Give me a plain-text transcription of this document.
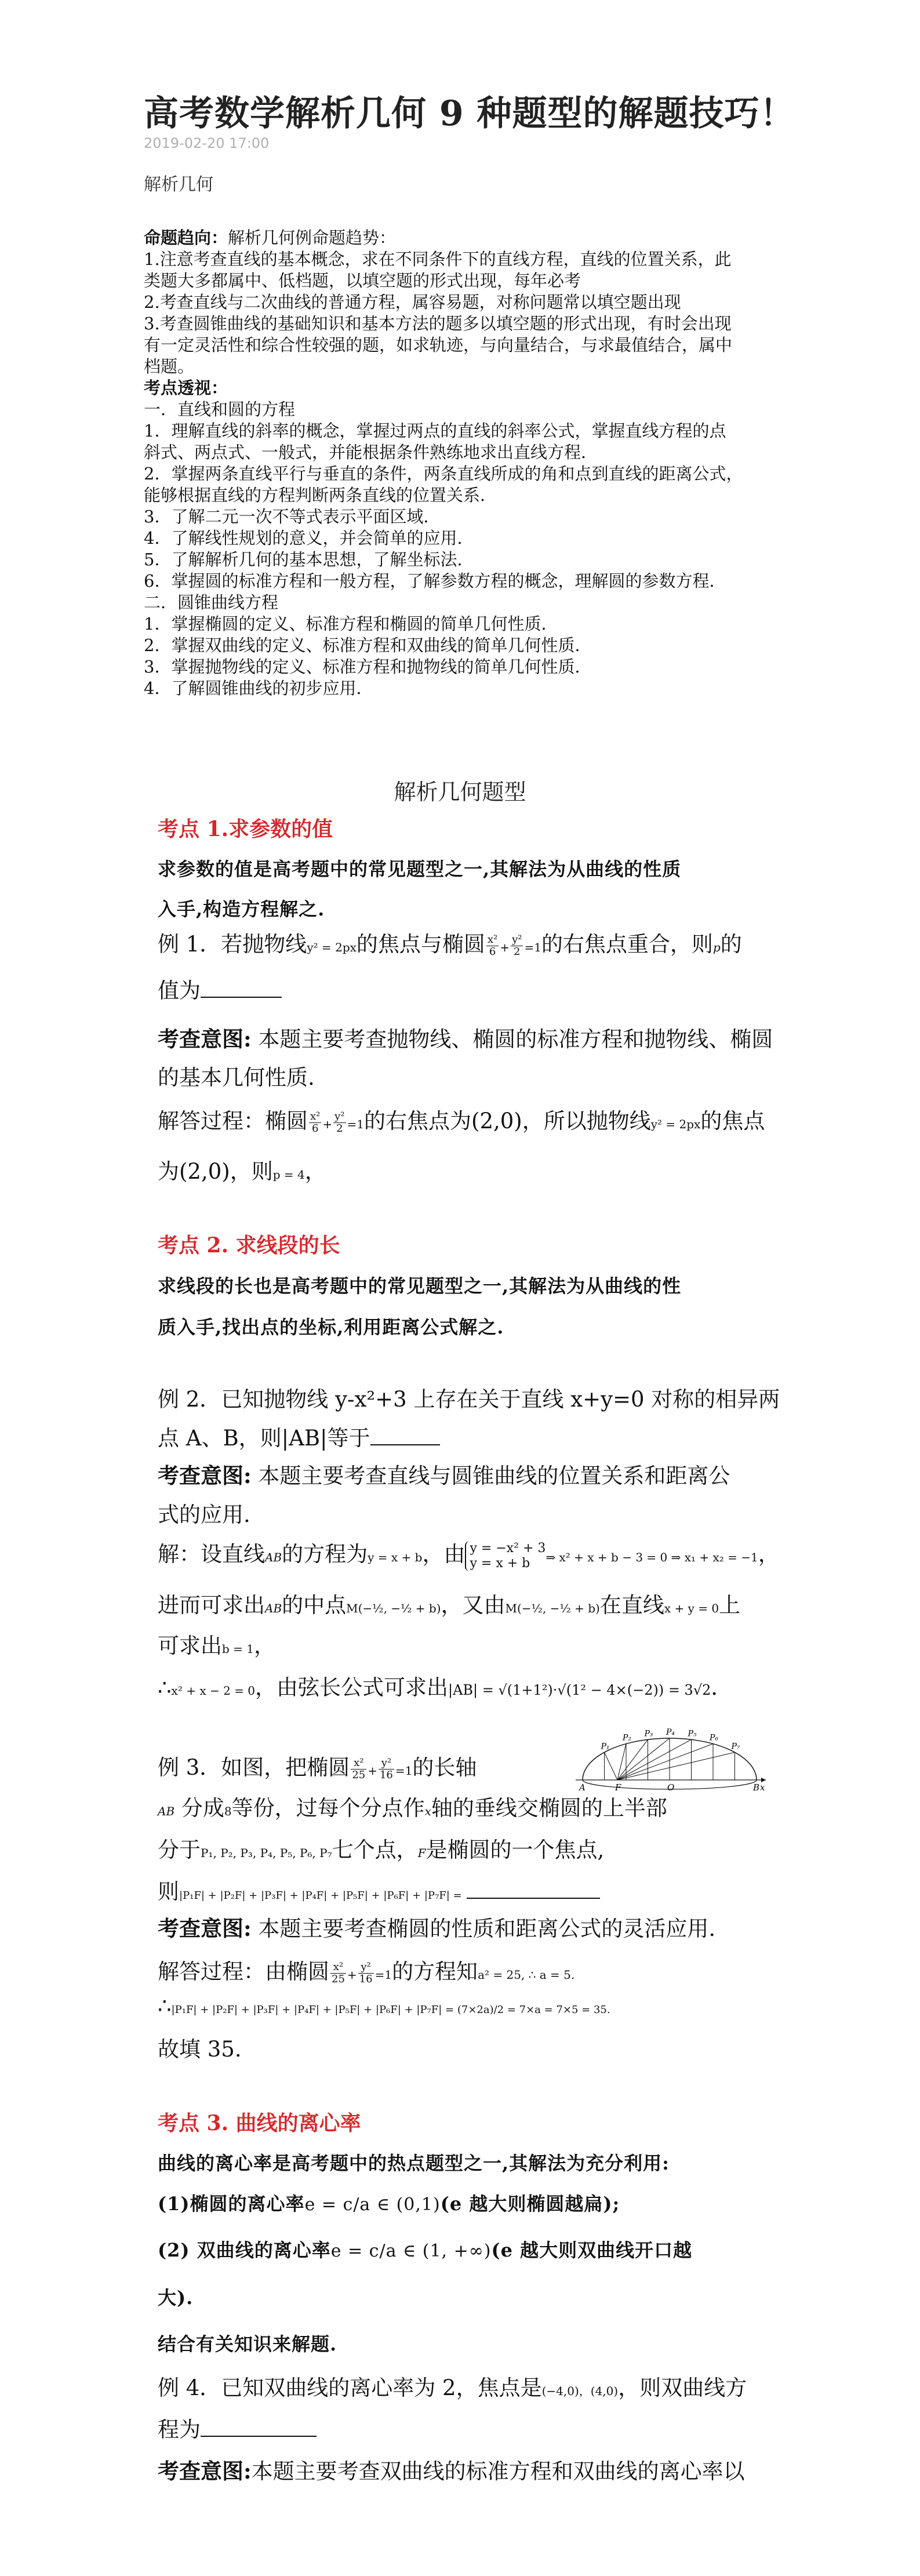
高考数学解析几何 9 种题型的解题技巧！
2019-02-20 17:00
解析几何
命题趋向：解析几何例命题趋势：
1.注意考查直线的基本概念，求在不同条件下的直线方程，直线的位置关系，此
类题大多都属中、低档题，以填空题的形式出现，每年必考
2.考查直线与二次曲线的普通方程，属容易题，对称问题常以填空题出现
3.考查圆锥曲线的基础知识和基本方法的题多以填空题的形式出现，有时会出现
有一定灵活性和综合性较强的题，如求轨迹，与向量结合，与求最值结合，属中
档题。
考点透视：
一．直线和圆的方程
1．理解直线的斜率的概念，掌握过两点的直线的斜率公式，掌握直线方程的点
斜式、两点式、一般式，并能根据条件熟练地求出直线方程．
2．掌握两条直线平行与垂直的条件，两条直线所成的角和点到直线的距离公式，
能够根据直线的方程判断两条直线的位置关系．
3．了解二元一次不等式表示平面区域．
4．了解线性规划的意义，并会简单的应用．
5．了解解析几何的基本思想，了解坐标法．
6．掌握圆的标准方程和一般方程，了解参数方程的概念，理解圆的参数方程．
二．圆锥曲线方程
1．掌握椭圆的定义、标准方程和椭圆的简单几何性质．
2．掌握双曲线的定义、标准方程和双曲线的简单几何性质．
3．掌握抛物线的定义、标准方程和抛物线的简单几何性质．
4．了解圆锥曲线的初步应用．
解析几何题型
考点 1.求参数的值
求参数的值是高考题中的常见题型之一,其解法为从曲线的性质
入手,构造方程解之.
例 1．若抛物线y² = 2px的焦点与椭圆 $\frac{\text{x²}}{6} + \frac{\text{y²}}{2} =1$的右焦点重合，则p的
值为
考查意图: 本题主要考查抛物线、椭圆的标准方程和抛物线、椭圆
的基本几何性质.
解答过程：椭圆 $\frac{\text{x²}}{6} + \frac{\text{y²}}{2} =1$的右焦点为(2,0)，所以抛物线y² = 2px的焦点
为(2,0)，则p = 4，
考点 2. 求线段的长
求线段的长也是高考题中的常见题型之一,其解法为从曲线的性
质入手,找出点的坐标,利用距离公式解之.
例 2．已知抛物线 y-x²+3 上存在关于直线 x+y=0 对称的相异两
点 A、B，则|AB|等于
考查意图: 本题主要考查直线与圆锥曲线的位置关系和距离公
式的应用.
解：设直线AB的方程为y = x + b，由 y = −x² + 3
y = x + b	⇒ x² + x + b − 3 = 0 ⇒ x₁ + x₂ = −1，
进而可求出AB的中点M(−½, −½ + b)，又由M(−½, −½ + b)在直线x + y = 0上
可求出b = 1，
∴x² + x − 2 = 0，由弦长公式可求出|AB| = √(1+1²)·√(1² − 4×(−2)) = 3√2．
例 3．如图，把椭圆 $\frac{\text{x²}}{25} + \frac{\text{y²}}{16} =1$的长轴
AB 分成8等份，过每个分点作x轴的垂线交椭圆的上半部
分于P₁, P₂, P₃, P₄, P₅, P₆, P₇七个点，F是椭圆的一个焦点,
则|P₁F| + |P₂F| + |P₃F| + |P₄F| + |P₅F| + |P₆F| + |P₇F| =
P₁
P₂ P₃ P₄ P₅ P₆
P₇
A	B
F	O	x
考查意图: 本题主要考查椭圆的性质和距离公式的灵活应用.
解答过程：由椭圆 $\frac{\text{x²}}{25} + \frac{\text{y²}}{16} =1$的方程知a² = 25, ∴ a = 5.
∴|P₁F| + |P₂F| + |P₃F| + |P₄F| + |P₅F| + |P₆F| + |P₇F| = (7×2a)/2 = 7×a = 7×5 = 35.
故填 35.
考点 3. 曲线的离心率
曲线的离心率是高考题中的热点题型之一,其解法为充分利用:
(1)椭圆的离心率e = c/a ∈ (0,1)(e 越大则椭圆越扁);
(2) 双曲线的离心率e = c/a ∈ (1, +∞)(e 越大则双曲线开口越
大).
结合有关知识来解题.
例 4．已知双曲线的离心率为 2，焦点是(−4,0)，(4,0)，则双曲线方
程为
考查意图:本题主要考查双曲线的标准方程和双曲线的离心率以
